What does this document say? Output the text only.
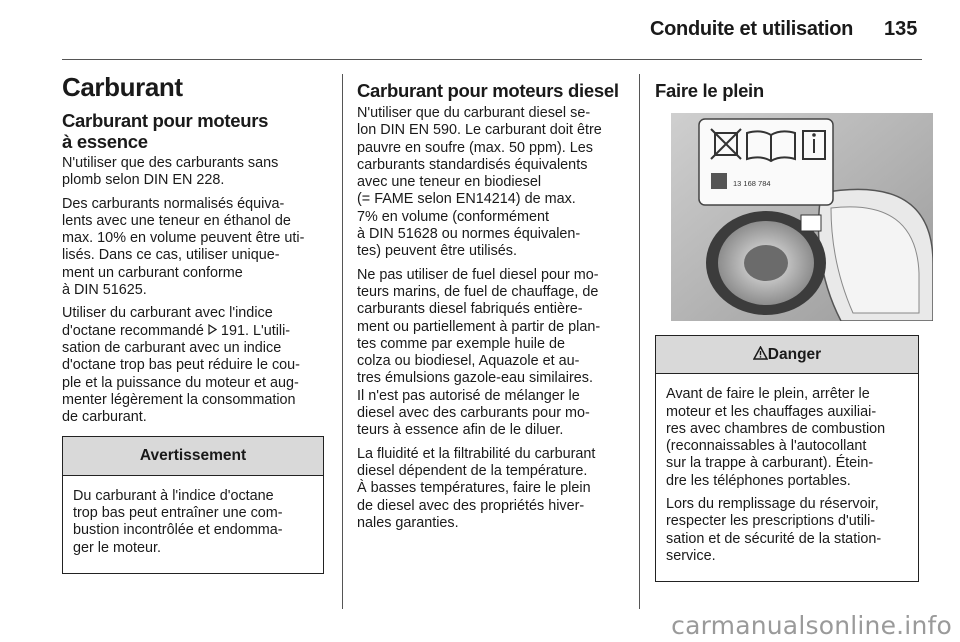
Conduite et utilisation 135
Carburant
Carburant pour moteurs
à essence

N'utiliser que des carburants sans
plomb selon DIN EN 228.

Des carburants normalisés équiva-
lents avec une teneur en éthanol de
max. 10% en volume peuvent être uti-
lisés. Dans ce cas, utiliser unique-
ment un carburant conforme
à DIN 51625.

Utiliser du carburant avec l'indice
d'octane recommandé  191. L'utili-
sation de carburant avec un indice
d'octane trop bas peut réduire le cou-
ple et la puissance du moteur et aug-
menter légèrement la consommation
de carburant.

Avertissement

Du carburant à l'indice d'octane
trop bas peut entraîner une com-
bustion incontrôlée et endomma-
ger le moteur.

Carburant pour moteurs diesel

N'utiliser que du carburant diesel se-
lon DIN EN 590. Le carburant doit être
pauvre en soufre (max. 50 ppm). Les
carburants standardisés équivalents
avec une teneur en biodiesel
(= FAME selon EN14214) de max.
7% en volume (conformément
à DIN 51628 ou normes équivalen-
tes) peuvent être utilisés.

Ne pas utiliser de fuel diesel pour mo-
teurs marins, de fuel de chauffage, de
carburants diesel fabriqués entière-
ment ou partiellement à partir de plan-
tes comme par exemple huile de
colza ou biodiesel, Aquazole et au-
tres émulsions gazole-eau similaires.
Il n'est pas autorisé de mélanger le
diesel avec des carburants pour mo-
teurs à essence afin de le diluer.

La fluidité et la filtrabilité du carburant
diesel dépendent de la température.
À basses températures, faire le plein
de diesel avec des propriétés hiver-
nales garanties.

Faire le plein
13 168 784
Danger

Avant de faire le plein, arrêter le
moteur et les chauffages auxiliai-
res avec chambres de combustion
(reconnaissables à l'autocollant
sur la trappe à carburant). Étein-
dre les téléphones portables.

Lors du remplissage du réservoir,
respecter les prescriptions d'utili-
sation et de sécurité de la station-
service.

carmanualsonline.info
